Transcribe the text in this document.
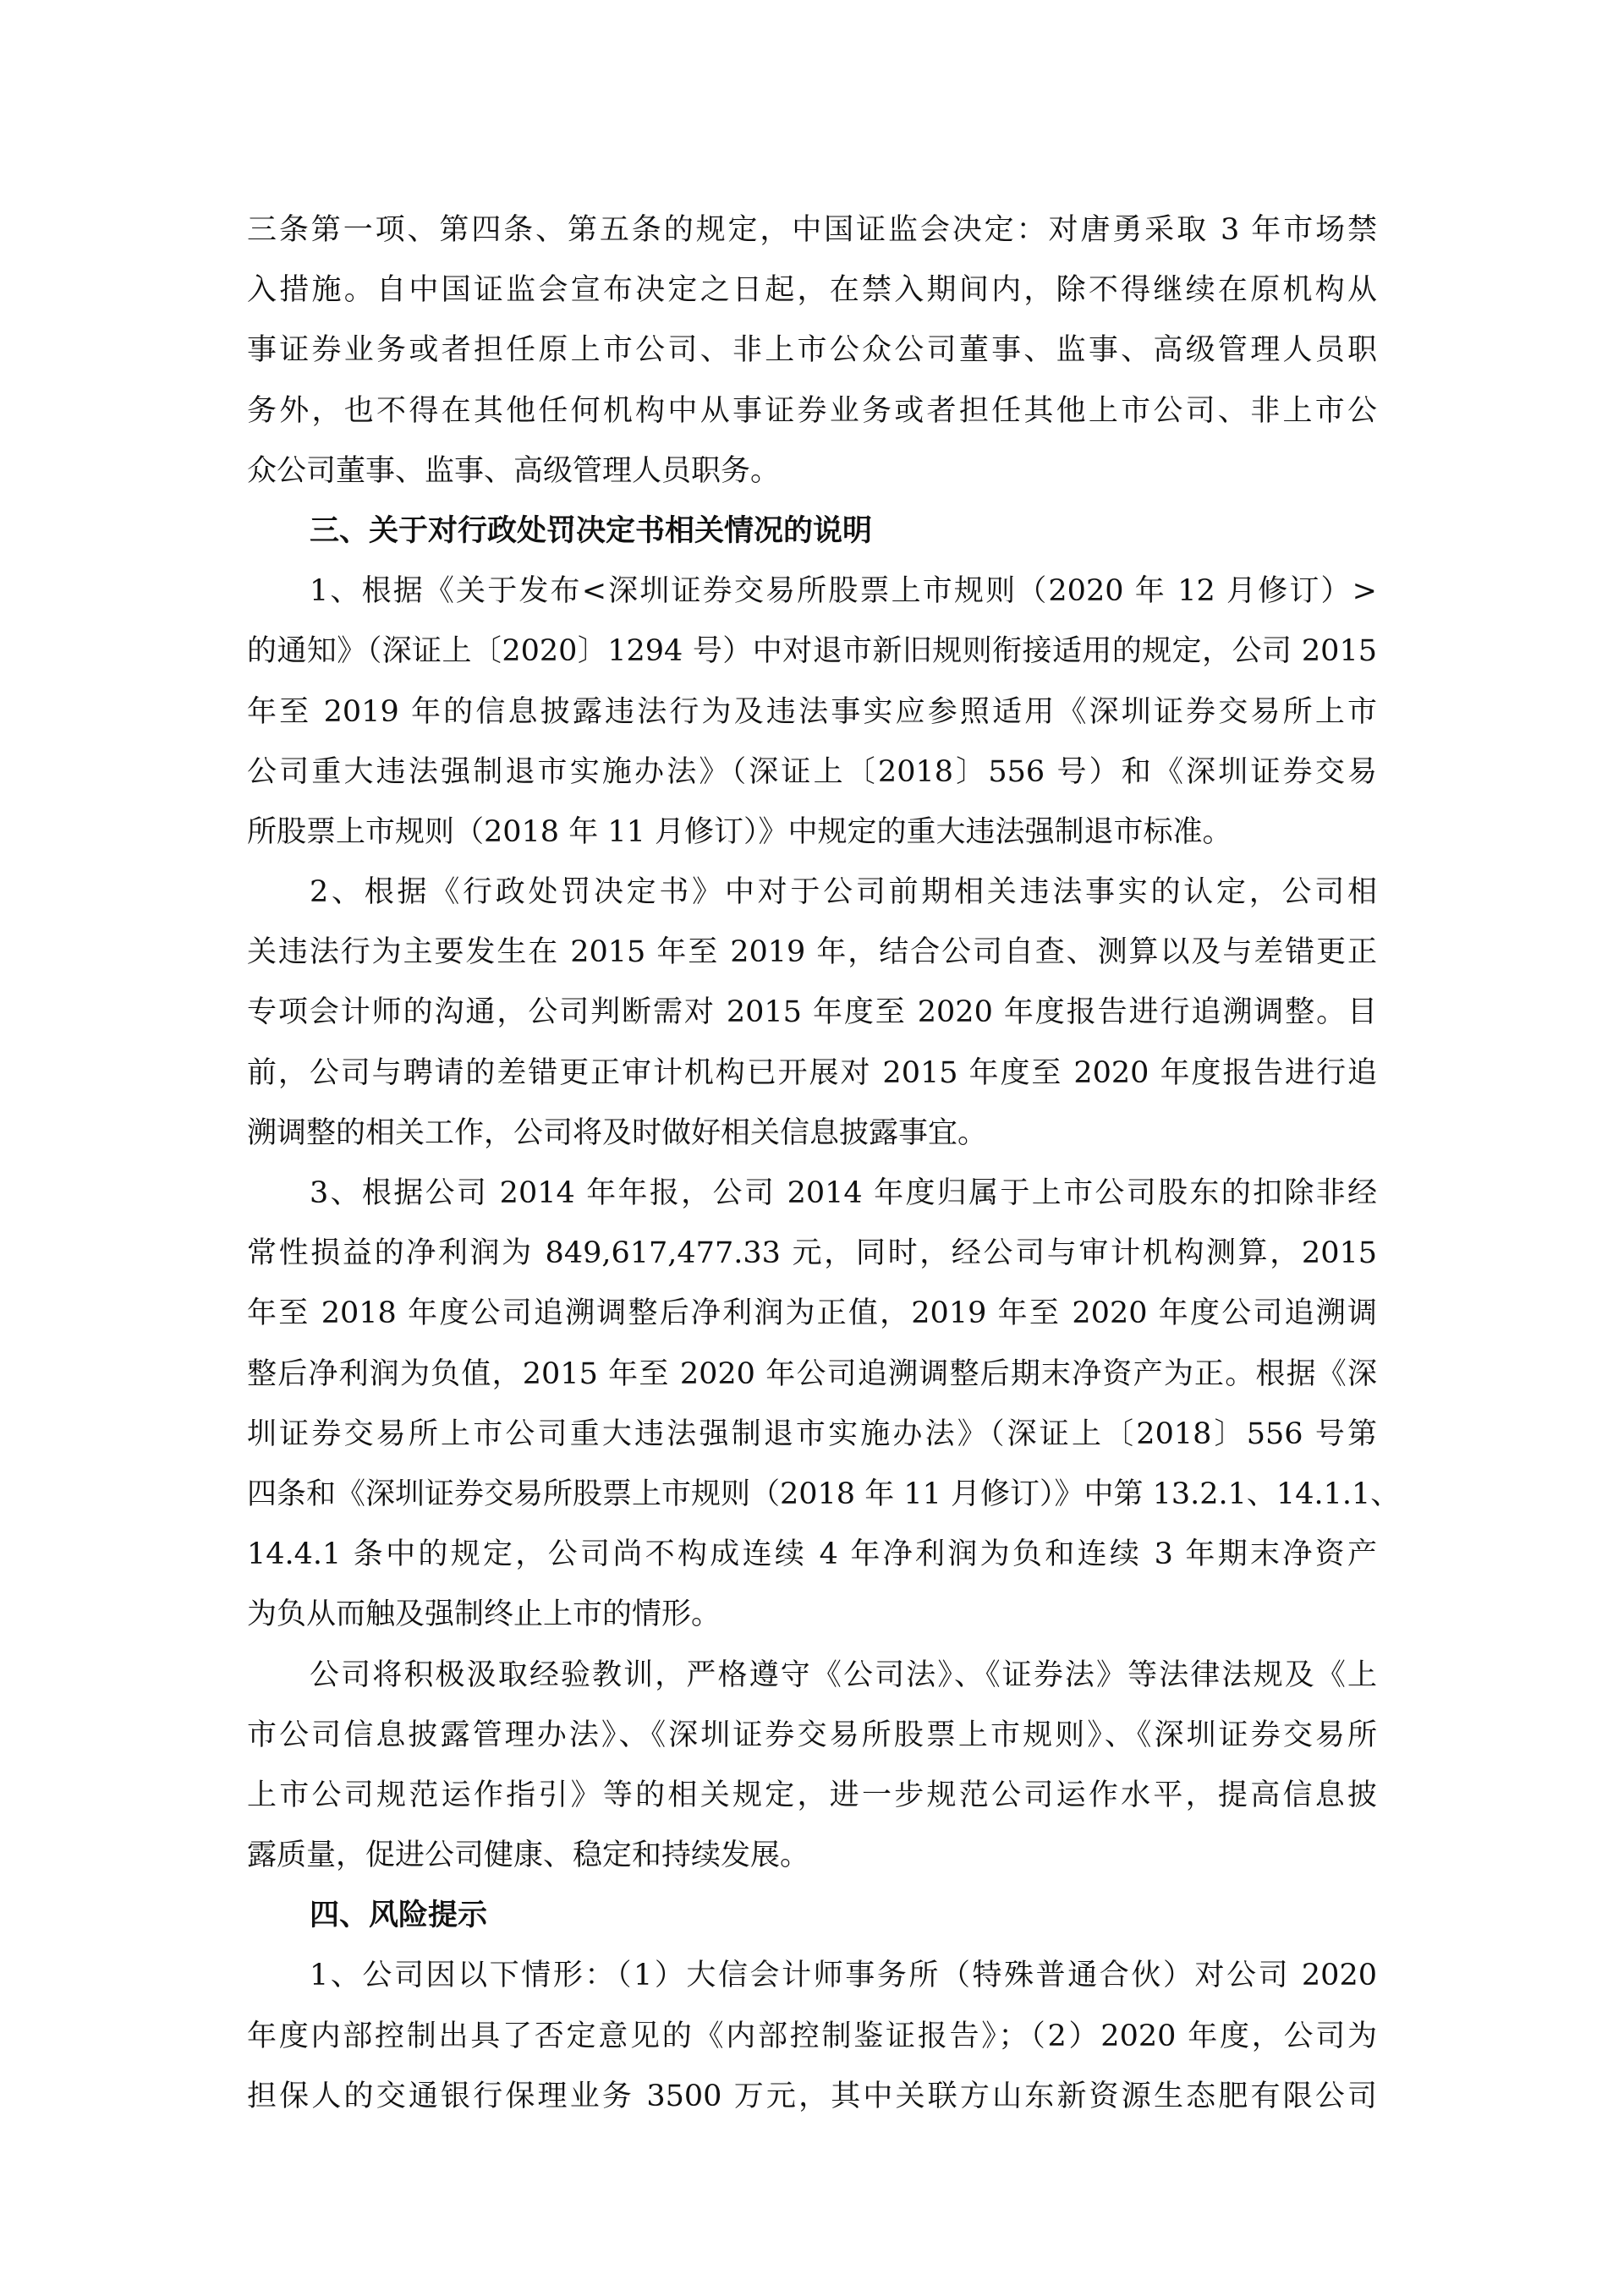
三条第一项、第四条、第五条的规定，中国证监会决定：对唐勇采取 3 年市场禁
入措施。自中国证监会宣布决定之日起，在禁入期间内，除不得继续在原机构从
事证券业务或者担任原上市公司、非上市公众公司董事、监事、高级管理人员职
务外，也不得在其他任何机构中从事证券业务或者担任其他上市公司、非上市公
众公司董事、监事、高级管理人员职务。
三、关于对行政处罚决定书相关情况的说明
1、根据《关于发布<深圳证券交易所股票上市规则（2020 年 12 月修订）>
的通知》（深证上〔2020〕1294 号）中对退市新旧规则衔接适用的规定，公司 2015
年至 2019 年的信息披露违法行为及违法事实应参照适用《深圳证券交易所上市
公司重大违法强制退市实施办法》（深证上〔2018〕556 号）和《深圳证券交易
所股票上市规则（2018 年 11 月修订）》中规定的重大违法强制退市标准。
2、根据《行政处罚决定书》中对于公司前期相关违法事实的认定，公司相
关违法行为主要发生在 2015 年至 2019 年，结合公司自查、测算以及与差错更正
专项会计师的沟通，公司判断需对 2015 年度至 2020 年度报告进行追溯调整。目
前，公司与聘请的差错更正审计机构已开展对 2015 年度至 2020 年度报告进行追
溯调整的相关工作，公司将及时做好相关信息披露事宜。
3、根据公司 2014 年年报，公司 2014 年度归属于上市公司股东的扣除非经
常性损益的净利润为 849,617,477.33 元，同时，经公司与审计机构测算，2015
年至 2018 年度公司追溯调整后净利润为正值，2019 年至 2020 年度公司追溯调
整后净利润为负值，2015 年至 2020 年公司追溯调整后期末净资产为正。根据《深
圳证券交易所上市公司重大违法强制退市实施办法》（深证上〔2018〕556 号第
四条和《深圳证券交易所股票上市规则（2018 年 11 月修订）》中第 13.2.1、14.1.1、
14.4.1 条中的规定，公司尚不构成连续 4 年净利润为负和连续 3 年期末净资产
为负从而触及强制终止上市的情形。
公司将积极汲取经验教训，严格遵守《公司法》、《证券法》等法律法规及《上
市公司信息披露管理办法》、《深圳证券交易所股票上市规则》、《深圳证券交易所
上市公司规范运作指引》等的相关规定，进一步规范公司运作水平，提高信息披
露质量，促进公司健康、稳定和持续发展。
四、风险提示
1、公司因以下情形：（1）大信会计师事务所（特殊普通合伙）对公司 2020
年度内部控制出具了否定意见的《内部控制鉴证报告》；（2）2020 年度，公司为
担保人的交通银行保理业务 3500 万元，其中关联方山东新资源生态肥有限公司
